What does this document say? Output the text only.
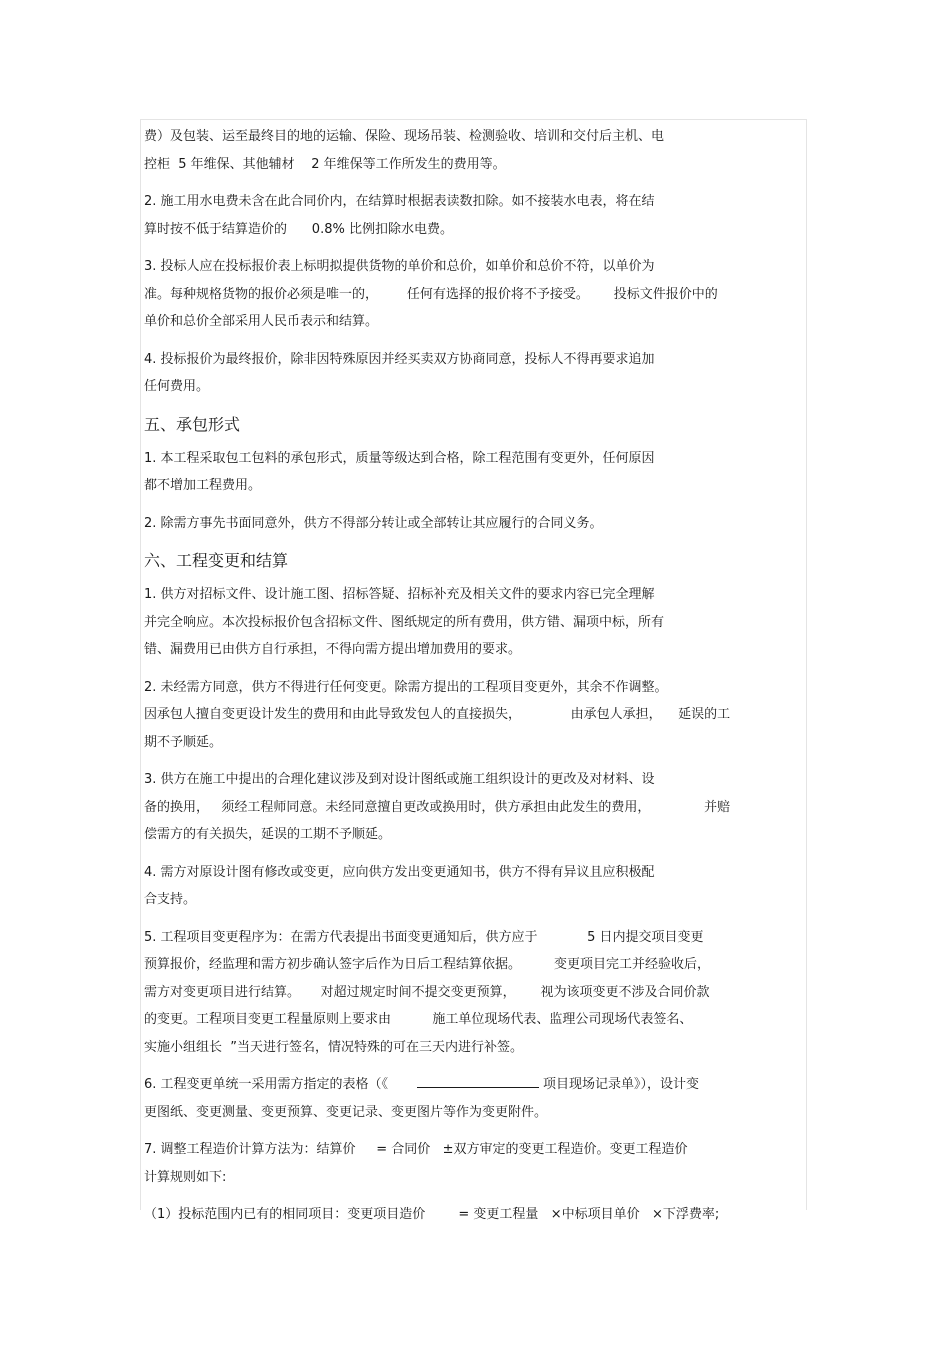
费）及包装、运至最终目的地的运输、保险、现场吊装、检测验收、培训和交付后主机、电
控柜  5 年维保、其他辅材    2 年维保等工作所发生的费用等。
2. 施工用水电费未含在此合同价内，在结算时根据表读数扣除。如不接装水电表，将在结
算时按不低于结算造价的      0.8% 比例扣除水电费。
3. 投标人应在投标报价表上标明拟提供货物的单价和总价，如单价和总价不符，以单价为
准。每种规格货物的报价必须是唯一的，       任何有选择的报价将不予接受。      投标文件报价中的
单价和总价全部采用人民币表示和结算。
4. 投标报价为最终报价，除非因特殊原因并经买卖双方协商同意，投标人不得再要求追加
任何费用。
五、承包形式
1. 本工程采取包工包料的承包形式，质量等级达到合格，除工程范围有变更外，任何原因
都不增加工程费用。
2. 除需方事先书面同意外，供方不得部分转让或全部转让其应履行的合同义务。
六、工程变更和结算
1. 供方对招标文件、设计施工图、招标答疑、招标补充及相关文件的要求内容已完全理解
并完全响应。本次投标报价包含招标文件、图纸规定的所有费用，供方错、漏项中标，所有
错、漏费用已由供方自行承担，不得向需方提出增加费用的要求。
2. 未经需方同意，供方不得进行任何变更。除需方提出的工程项目变更外，其余不作调整。
因承包人擅自变更设计发生的费用和由此导致发包人的直接损失，            由承包人承担，    延误的工
期不予顺延。
3. 供方在施工中提出的合理化建议涉及到对设计图纸或施工组织设计的更改及对材料、设
备的换用，   须经工程师同意。未经同意擅自更改或换用时，供方承担由此发生的费用，             并赔
偿需方的有关损失，延误的工期不予顺延。
4. 需方对原设计图有修改或变更，应向供方发出变更通知书，供方不得有异议且应积极配
合支持。
5. 工程项目变更程序为：在需方代表提出书面变更通知后，供方应于            5 日内提交项目变更
预算报价，经监理和需方初步确认签字后作为日后工程结算依据。        变更项目完工并经验收后，
需方对变更项目进行结算。     对超过规定时间不提交变更预算，      视为该项变更不涉及合同价款
的变更。工程项目变更工程量原则上要求由          施工单位现场代表、监理公司现场代表签名、
实施小组组长  ”当天进行签名，情况特殊的可在三天内进行补签。
6. 工程变更单统一采用需方指定的表格（《	项目现场记录单》），设计变
更图纸、变更测量、变更预算、变更记录、变更图片等作为变更附件。
7. 调整工程造价计算方法为：结算价     = 合同价   ±双方审定的变更工程造价。变更工程造价
计算规则如下:
（1）投标范围内已有的相同项目：变更项目造价        = 变更工程量   ×中标项目单价   ×下浮费率;
